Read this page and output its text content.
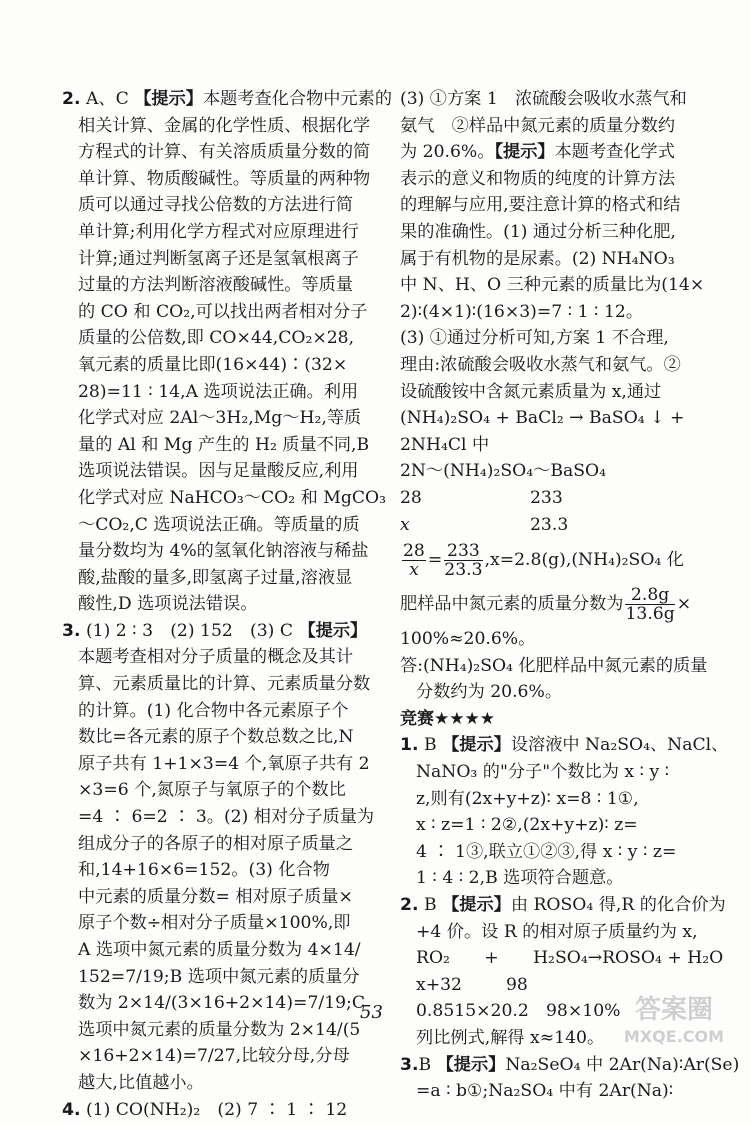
2. A、C 【提示】本题考查化合物中元素的
相关计算、金属的化学性质、根据化学
方程式的计算、有关溶质质量分数的简
单计算、物质酸碱性。等质量的两种物
质可以通过寻找公倍数的方法进行简
单计算;利用化学方程式对应原理进行
计算;通过判断氢离子还是氢氧根离子
过量的方法判断溶液酸碱性。等质量
的 CO 和 CO₂,可以找出两者相对分子
质量的公倍数,即 CO×44,CO₂×28,
氧元素的质量比即(16×44)∶(32×
28)=11 ∶ 14,A 选项说法正确。利用
化学式对应 2Al～3H₂,Mg～H₂,等质
量的 Al 和 Mg 产生的 H₂ 质量不同,B
选项说法错误。因与足量酸反应,利用
化学式对应 NaHCO₃～CO₂ 和 MgCO₃
～CO₂,C 选项说法正确。等质量的质
量分数均为 4%的氢氧化钠溶液与稀盐
酸,盐酸的量多,即氢离子过量,溶液显
酸性,D 选项说法错误。
3. (1) 2 ∶ 3　(2) 152　(3) C 【提示】
本题考查相对分子质量的概念及其计
算、元素质量比的计算、元素质量分数
的计算。(1) 化合物中各元素原子个
数比=各元素的原子个数总数之比,N
原子共有 1+1×3=4 个,氧原子共有 2
×3=6 个,氮原子与氧原子的个数比
=4 ∶ 6=2 ∶ 3。(2) 相对分子质量为
组成分子的各原子的相对原子质量之
和,14+16×6=152。(3) 化合物
中元素的质量分数= 相对原子质量×
原子个数÷相对分子质量×100%,即
A 选项中氮元素的质量分数为 4×14/
152=7/19;B 选项中氮元素的质量分
数为 2×14/(3×16+2×14)=7/19;C
选项中氮元素的质量分数为 2×14/(5
×16+2×14)=7/27,比较分母,分母
越大,比值越小。
4. (1) CO(NH₂)₂　(2) 7 ∶ 1 ∶ 12
(3) ①方案 1　浓硫酸会吸收水蒸气和
氨气　②样品中氮元素的质量分数约
为 20.6%。【提示】本题考查化学式
表示的意义和物质的纯度的计算方法
的理解与应用,要注意计算的格式和结
果的准确性。(1) 通过分析三种化肥,
属于有机物的是尿素。(2) NH₄NO₃
中 N、H、O 三种元素的质量比为(14×
2)∶(4×1)∶(16×3)=7 ∶ 1 ∶ 12。
(3) ①通过分析可知,方案 1 不合理,
理由:浓硫酸会吸收水蒸气和氨气。②
设硫酸铵中含氮元素质量为 x,通过
(NH₄)₂SO₄ + BaCl₂ → BaSO₄ ↓ +
2NH₄Cl 中
2N～(NH₄)₂SO₄～BaSO₄
28	233
x	23.3
$\frac{28}{x} = \frac{233}{23.3} ,x=2.8(g),(NH_4)_2SO_4$ 化
肥样品中氮元素的质量分数为 $\frac{2.8g}{13.6g}$ ×
100%≈20.6%。
答:(NH₄)₂SO₄ 化肥样品中氮元素的质量
分数约为 20.6%。
竞赛★★★★
1. B 【提示】设溶液中 Na₂SO₄、NaCl、
NaNO₃ 的"分子"个数比为 x ∶ y ∶
z,则有(2x+y+z)∶ x=8 ∶ 1①,
x ∶ z=1 ∶ 2②,(2x+y+z)∶ z=
4 ∶ 1③,联立①②③,得 x ∶ y ∶ z=
1 ∶ 4 ∶ 2,B 选项符合题意。
2. B 【提示】由 ROSO₄ 得,R 的化合价为
+4 价。设 R 的相对原子质量约为 x,
RO₂　　+　　H₂SO₄→ROSO₄ + H₂O
x+32	98
0.8515×20.2　98×10%
列比例式,解得 x≈140。
3.B 【提示】Na₂SeO₄ 中 2Ar(Na)∶Ar(Se)
=a ∶ b①;Na₂SO₄ 中有 2Ar(Na)∶
53	答案圈
MXQE.COM
